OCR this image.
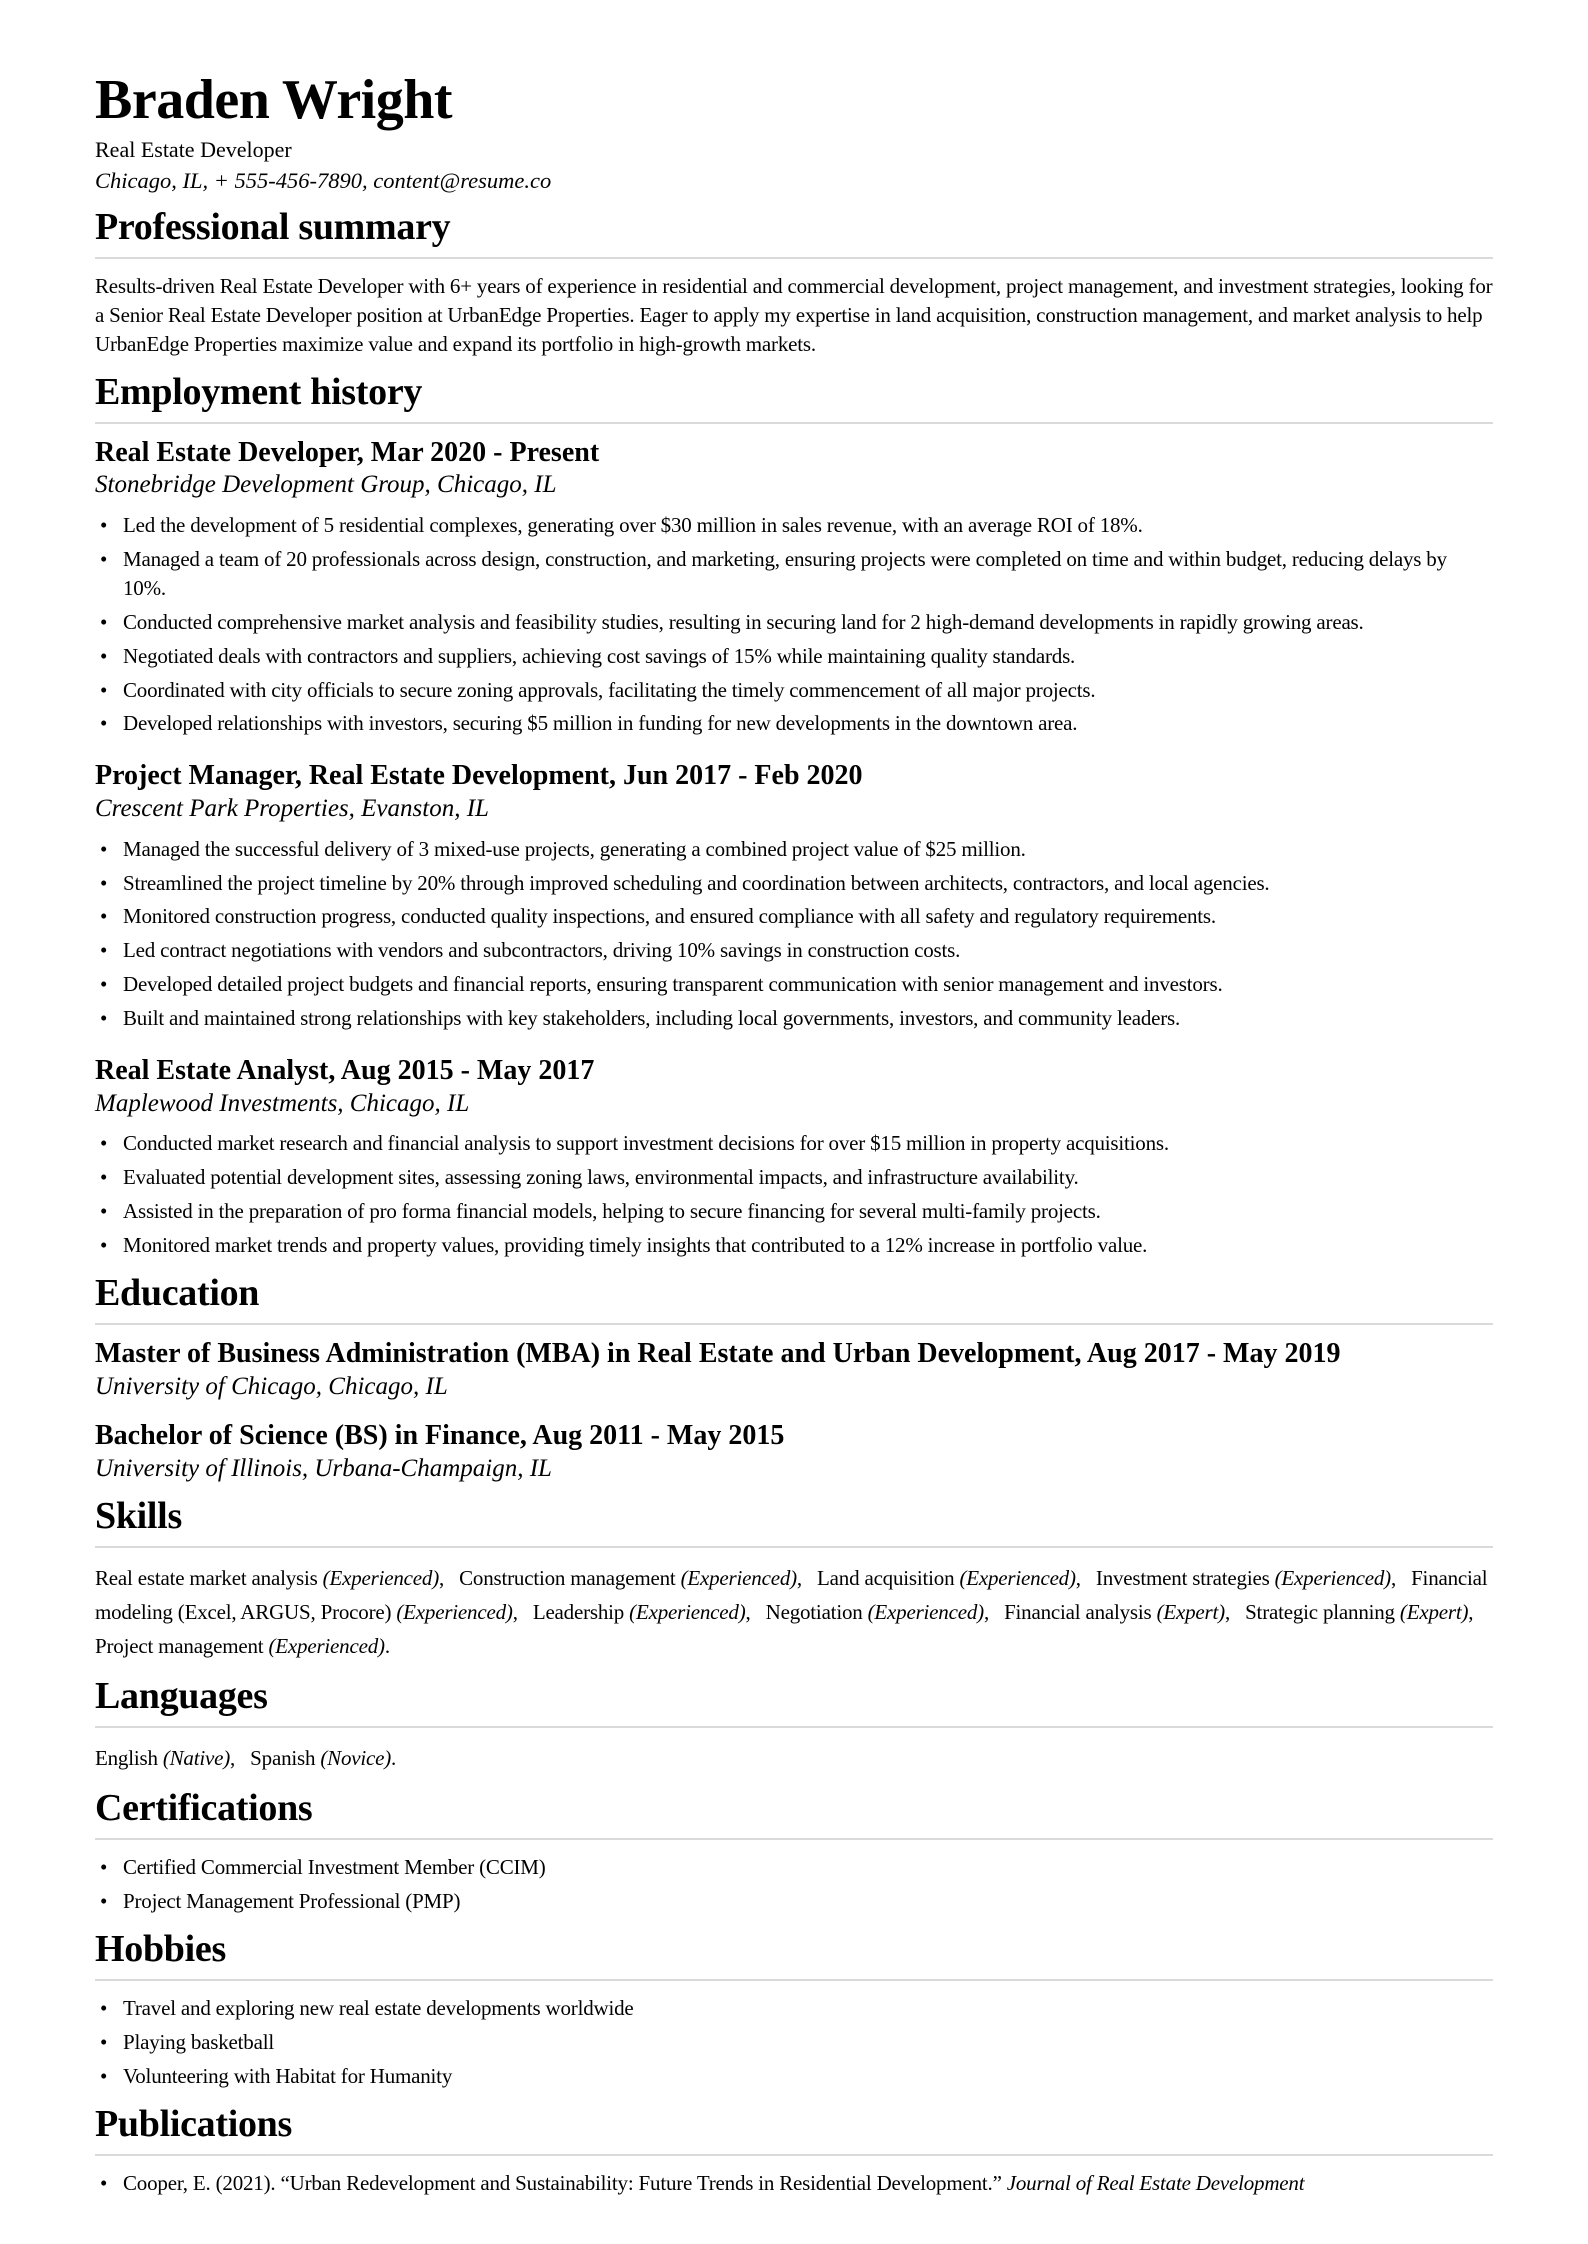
Braden Wright

Real Estate Developer

Chicago, IL, + 555-456-7890, content@resume.co

Professional summary

Results-driven Real Estate Developer with 6+ years of experience in residential and commercial development, project management, and investment strategies, looking for a Senior Real Estate Developer position at UrbanEdge Properties. Eager to apply my expertise in land acquisition, construction management, and market analysis to help UrbanEdge Properties maximize value and expand its portfolio in high-growth markets.

Employment history
Real Estate Developer, Mar 2020 - Present

Stonebridge Development Group, Chicago, IL

• Led the development of 5 residential complexes, generating over $30 million in sales revenue, with an average ROI of 18%.
• Managed a team of 20 professionals across design, construction, and marketing, ensuring projects were completed on time and within budget, reducing delays by 10%.
• Conducted comprehensive market analysis and feasibility studies, resulting in securing land for 2 high-demand developments in rapidly growing areas.
• Negotiated deals with contractors and suppliers, achieving cost savings of 15% while maintaining quality standards.
• Coordinated with city officials to secure zoning approvals, facilitating the timely commencement of all major projects.
• Developed relationships with investors, securing $5 million in funding for new developments in the downtown area.
Project Manager, Real Estate Development, Jun 2017 - Feb 2020

Crescent Park Properties, Evanston, IL

• Managed the successful delivery of 3 mixed-use projects, generating a combined project value of $25 million.
• Streamlined the project timeline by 20% through improved scheduling and coordination between architects, contractors, and local agencies.
• Monitored construction progress, conducted quality inspections, and ensured compliance with all safety and regulatory requirements.
• Led contract negotiations with vendors and subcontractors, driving 10% savings in construction costs.
• Developed detailed project budgets and financial reports, ensuring transparent communication with senior management and investors.
• Built and maintained strong relationships with key stakeholders, including local governments, investors, and community leaders.
Real Estate Analyst, Aug 2015 - May 2017

Maplewood Investments, Chicago, IL

• Conducted market research and financial analysis to support investment decisions for over $15 million in property acquisitions.
• Evaluated potential development sites, assessing zoning laws, environmental impacts, and infrastructure availability.
• Assisted in the preparation of pro forma financial models, helping to secure financing for several multi-family projects.
• Monitored market trends and property values, providing timely insights that contributed to a 12% increase in portfolio value.
Education
Master of Business Administration (MBA) in Real Estate and Urban Development, Aug 2017 - May 2019

University of Chicago, Chicago, IL

Bachelor of Science (BS) in Finance, Aug 2011 - May 2015

University of Illinois, Urbana-Champaign, IL

Skills

Real estate market analysis (Experienced), Construction management (Experienced), Land acquisition (Experienced), Investment strategies (Experienced), Financial modeling (Excel, ARGUS, Procore) (Experienced), Leadership (Experienced), Negotiation (Experienced), Financial analysis (Expert), Strategic planning (Expert), Project management (Experienced).

Languages

English (Native), Spanish (Novice).

Certifications
• Certified Commercial Investment Member (CCIM)
• Project Management Professional (PMP)
Hobbies
• Travel and exploring new real estate developments worldwide
• Playing basketball
• Volunteering with Habitat for Humanity
Publications
• Cooper, E. (2021). “Urban Redevelopment and Sustainability: Future Trends in Residential Development.” Journal of Real Estate Development
